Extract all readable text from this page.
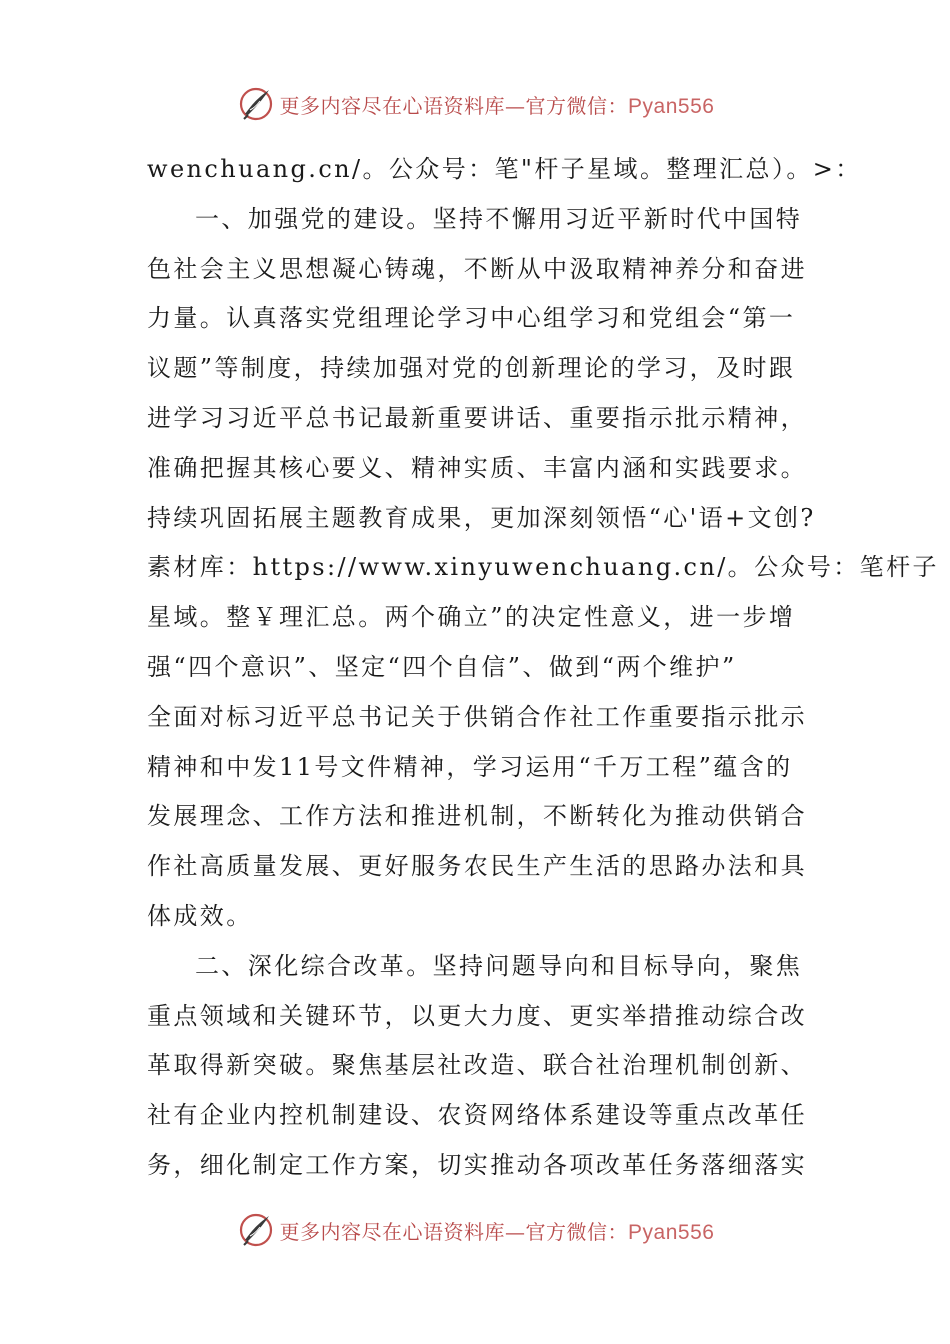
更多内容尽在心语资料库—官方微信：Pyan556
wenchuang.cn/。公众号：笔"杆子星域。整理汇总）。>：
一、加强党的建设。坚持不懈用习近平新时代中国特
色社会主义思想凝心铸魂，不断从中汲取精神养分和奋进
力量。认真落实党组理论学习中心组学习和党组会“第一
议题”等制度，持续加强对党的创新理论的学习，及时跟
进学习习近平总书记最新重要讲话、重要指示批示精神，
准确把握其核心要义、精神实质、丰富内涵和实践要求。
持续巩固拓展主题教育成果，更加深刻领悟“心'语+文创?
素材库：https://www.xinyuwenchuang.cn/。公众号：笔杆子
星域。整￥理汇总。两个确立”的决定性意义，进一步增
强“四个意识”、坚定“四个自信”、做到“两个维护”
全面对标习近平总书记关于供销合作社工作重要指示批示
精神和中发11号文件精神，学习运用“千万工程”蕴含的
发展理念、工作方法和推进机制，不断转化为推动供销合
作社高质量发展、更好服务农民生产生活的思路办法和具
体成效。
二、深化综合改革。坚持问题导向和目标导向，聚焦
重点领域和关键环节，以更大力度、更实举措推动综合改
革取得新突破。聚焦基层社改造、联合社治理机制创新、
社有企业内控机制建设、农资网络体系建设等重点改革任
务，细化制定工作方案，切实推动各项改革任务落细落实
更多内容尽在心语资料库—官方微信：Pyan556
